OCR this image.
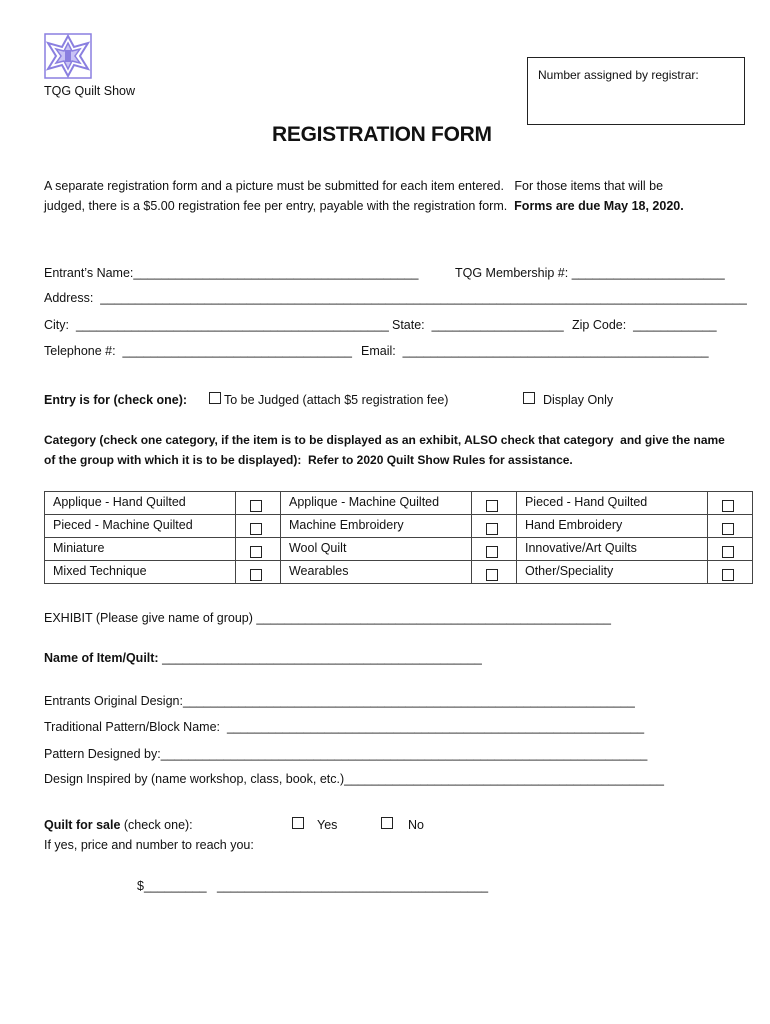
TQG Quilt Show
Number assigned by registrar:
REGISTRATION FORM
A separate registration form and a picture must be submitted for each item entered.   For those items that will be
judged, there is a $5.00 registration fee per entry, payable with the registration form.  Forms are due May 18, 2020.
Entrant’s Name:_________________________________________	TQG Membership #: ______________________
Address:  _____________________________________________________________________________________________
City:  _____________________________________________ State:  ___________________ Zip Code:  ____________
Telephone #:  _________________________________ Email:  ____________________________________________
Entry is for (check one):	To be Judged (attach $5 registration fee)	Display Only
Category (check one category, if the item is to be displayed as an exhibit, ALSO check that category  and give the name
of the group with which it is to be displayed):  Refer to 2020 Quilt Show Rules for assistance.
Applique - Hand Quilted		Applique - Machine Quilted		Pieced - Hand Quilted	

Pieced - Machine Quilted		Machine Embroidery		Hand Embroidery	

Miniature		Wool Quilt		Innovative/Art Quilts	

Mixed Technique		Wearables		Other/Speciality	
EXHIBIT (Please give name of group) ___________________________________________________
Name of Item/Quilt: ______________________________________________
Entrants Original Design:_________________________________________________________________
Traditional Pattern/Block Name:  ____________________________________________________________
Pattern Designed by:______________________________________________________________________
Design Inspired by (name workshop, class, book, etc.)______________________________________________
Quilt for sale (check one):	Yes	No
If yes, price and number to reach you:
$_________ _______________________________________
